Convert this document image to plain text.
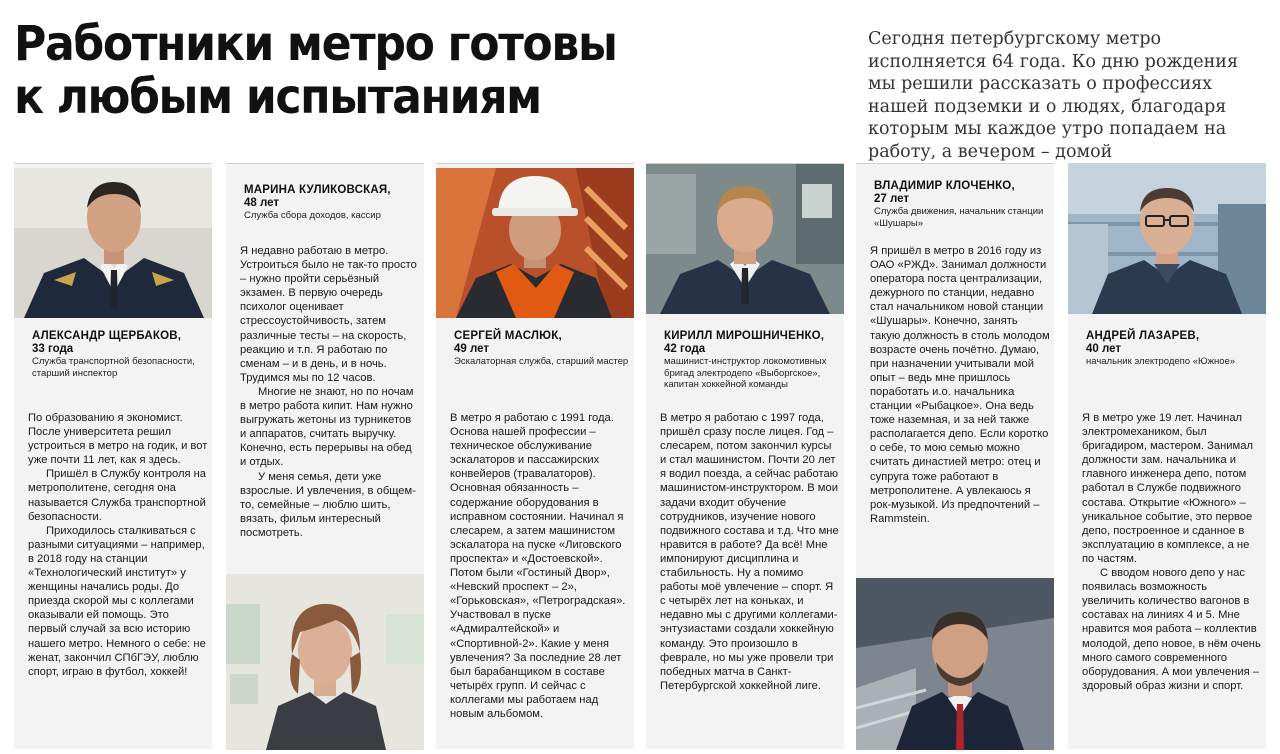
Работники метро готовы
к любым испытаниям

Сегодня петербургскому метро исполняется 64 года. Ко дню рождения мы решили рассказать о профессиях нашей подземки и о людях, благодаря которым мы каждое утро попадаем на работу, а вечером – домой

АЛЕКСАНДР ЩЕРБАКОВ,
33 года
Служба транспортной безопасности, старший инспектор

По образованию я экономист. После университета решил устроиться в метро на годик, и вот уже почти 11 лет, как я здесь.

Пришёл в Службу контроля на метрополитене, сегодня она называется Служба транспортной безопасности.

Приходилось сталкиваться с разными ситуациями – например, в 2018 году на станции «Технологический институт» у женщины начались роды. До приезда скорой мы с коллегами оказывали ей помощь. Это первый случай за всю историю нашего метро. Немного о себе: не женат, закончил СПбГЭУ, люблю спорт, играю в футбол, хоккей!

МАРИНА КУЛИКОВСКАЯ,
48 лет
Служба сбора доходов, кассир

Я недавно работаю в метро. Устроиться было не так-то просто – нужно пройти серьёзный экзамен. В первую очередь психолог оценивает стрессоустойчивость, затем различные тесты – на скорость, реакцию и т.п. Я работаю по сменам – и в день, и в ночь. Трудимся мы по 12 часов.

Многие не знают, но по ночам в метро работа кипит. Нам нужно выгружать жетоны из турникетов и аппаратов, считать выручку. Конечно, есть перерывы на обед и отдых.

У меня семья, дети уже взрослые. И увлечения, в общем-то, семейные – люблю шить, вязать, фильм интересный посмотреть.

СЕРГЕЙ МАСЛЮК,
49 лет
Эскалаторная служба, старший мастер

В метро я работаю с 1991 года. Основа нашей профессии – техническое обслуживание эскалаторов и пассажирских конвейеров (травалаторов). Основная обязанность – содержание оборудования в исправном состоянии. Начинал я слесарем, а затем машинистом эскалатора на пуске «Лиговского проспекта» и «Достоевской». Потом были «Гостиный Двор», «Невский проспект – 2», «Горьковская», «Петроградская». Участвовал в пуске «Адмиралтейской» и «Спортивной-2». Какие у меня увлечения? За последние 28 лет был барабанщиком в составе четырёх групп. И сейчас с коллегами мы работаем над новым альбомом.

КИРИЛЛ МИРОШНИЧЕНКО,
42 года
машинист-инструктор локомотивных бригад электродепо «Выборгское», капитан хоккейной команды

В метро я работаю с 1997 года, пришёл сразу после лицея. Год – слесарем, потом закончил курсы и стал машинистом. Почти 20 лет я водил поезда, а сейчас работаю машинистом-инструктором. В мои задачи входит обучение сотрудников, изучение нового подвижного состава и т.д. Что мне нравится в работе? Да всё! Мне импонируют дисциплина и стабильность. Ну а помимо работы моё увлечение – спорт. Я с четырёх лет на коньках, и недавно мы с другими коллегами-энтузиастами создали хоккейную команду. Это произошло в феврале, но мы уже провели три победных матча в Санкт-Петербургской хоккейной лиге.

ВЛАДИМИР КЛОЧЕНКО,
27 лет
Служба движения, начальник станции «Шушары»

Я пришёл в метро в 2016 году из ОАО «РЖД». Занимал должности оператора поста централизации, дежурного по станции, недавно стал начальником новой станции «Шушары». Конечно, занять такую должность в столь молодом возрасте очень почётно. Думаю, при назначении учитывали мой опыт – ведь мне пришлось поработать и.о. начальника станции «Рыбацкое». Она ведь тоже наземная, и за ней также располагается депо. Если коротко о себе, то мою семью можно считать династией метро: отец и супруга тоже работают в метрополитене. А увлекаюсь я рок-музыкой. Из предпочтений – Rammstein.

АНДРЕЙ ЛАЗАРЕВ,
40 лет
начальник электродепо «Южное»

Я в метро уже 19 лет. Начинал электромехаником, был бригадиром, мастером. Занимал должности зам. начальника и главного инженера депо, потом работал в Службе подвижного состава. Открытие «Южного» – уникальное событие, это первое депо, построенное и сданное в эксплуатацию в комплексе, а не по частям.

С вводом нового депо у нас появилась возможность увеличить количество вагонов в составах на линиях 4 и 5. Мне нравится моя работа – коллектив молодой, депо новое, в нём очень много самого современного оборудования. А мои увлечения – здоровый образ жизни и спорт.
